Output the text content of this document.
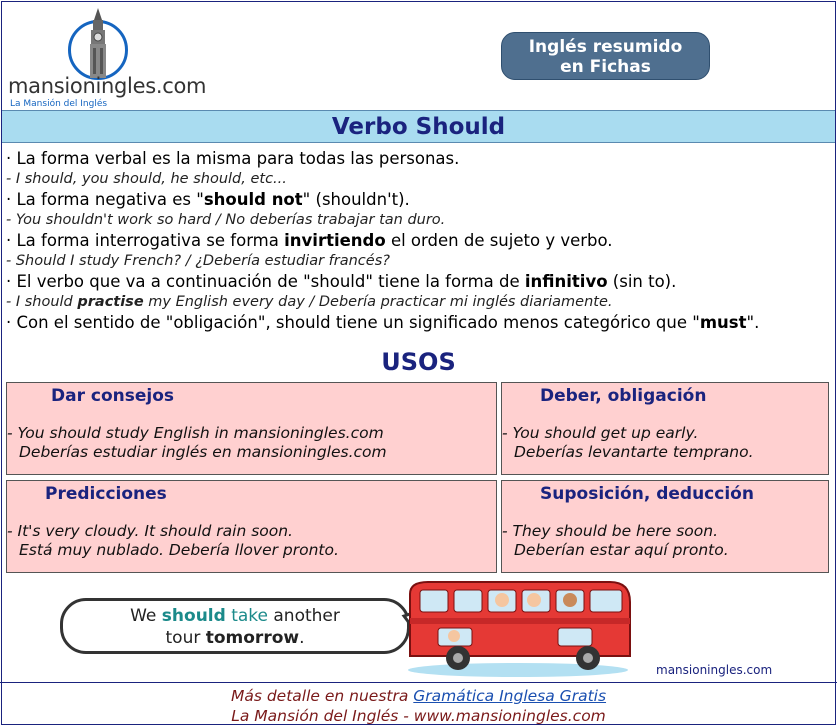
mansioningles.com
La Mansión del Inglés
Inglés resumido
en Fichas
Verbo Should
· La forma verbal es la misma para todas las personas.
- I should, you should, he should, etc...
· La forma negativa es "should not" (shouldn't).
- You shouldn't work so hard / No deberías trabajar tan duro.
· La forma interrogativa se forma invirtiendo el orden de sujeto y verbo.
- Should I study French? / ¿Debería estudiar francés?
· El verbo que va a continuación de "should" tiene la forma de infinitivo (sin to).
- I should practise my English every day / Debería practicar mi inglés diariamente.
· Con el sentido de "obligación", should tiene un significado menos categórico que "must".
USOS
Dar consejos
- You should study English in mansioningles.com
Deberías estudiar inglés en mansioningles.com
Deber, obligación
- You should get up early.
Deberías levantarte temprano.
Predicciones
- It's very cloudy. It should rain soon.
Está muy nublado. Debería llover pronto.
Suposición, deducción
- They should be here soon.
Deberían estar aquí pronto.
We should take another
tour tomorrow.
mansioningles.com
Más detalle en nuestra Gramática Inglesa Gratis
La Mansión del Inglés - www.mansioningles.com
